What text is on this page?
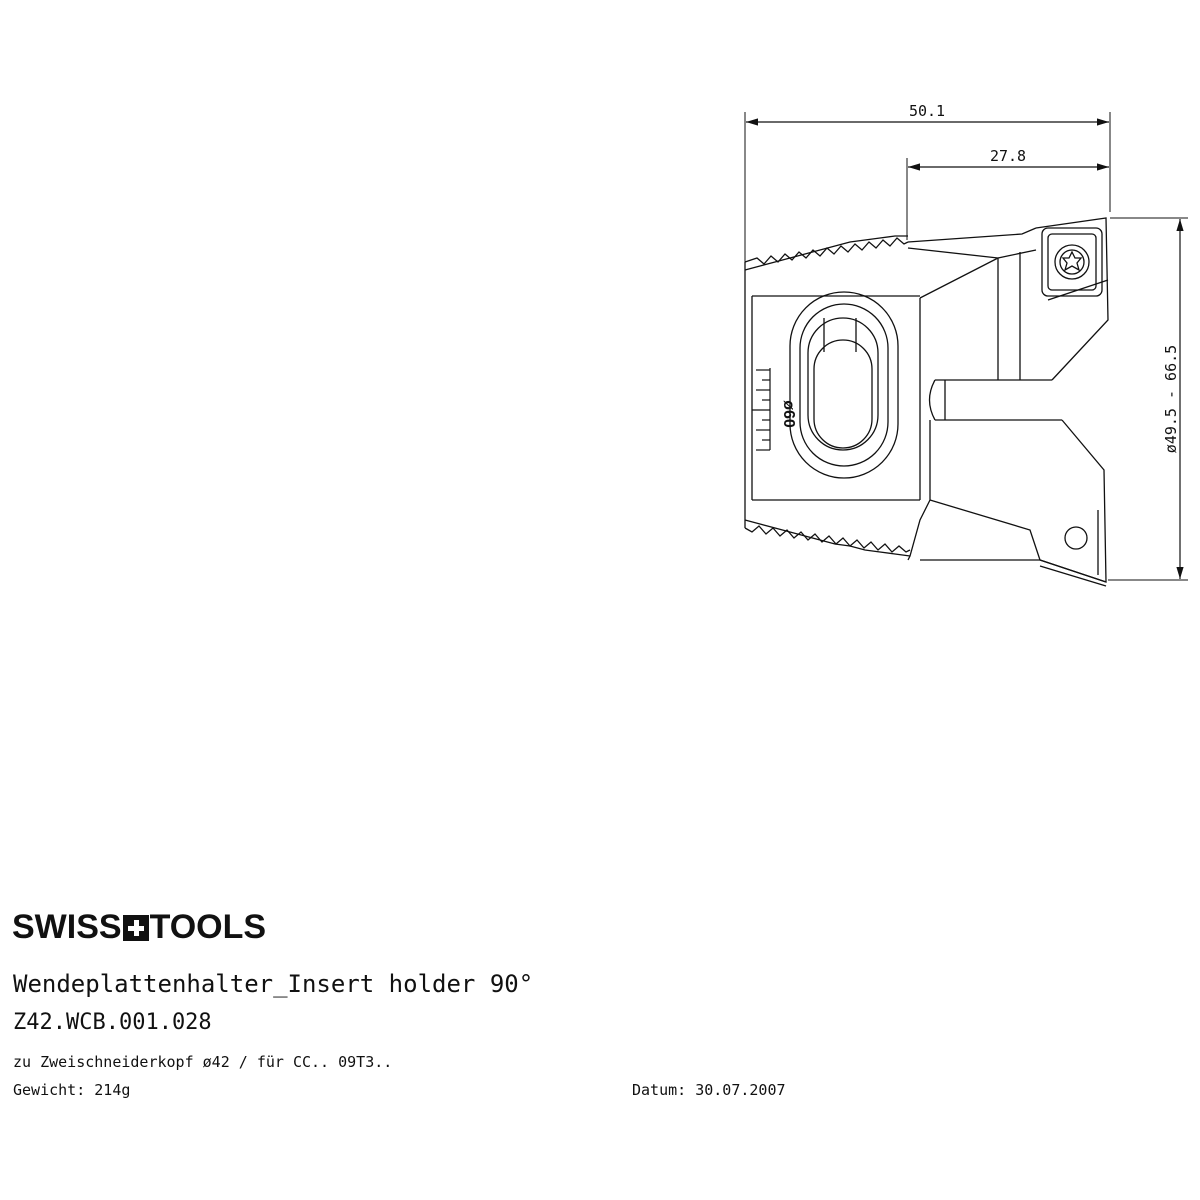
50.1
27.8
ø49.5 - 66.5
ø60
SWISS TOOLS
Wendeplattenhalter_Insert holder 90°
Z42.WCB.001.028
zu Zweischneiderkopf ø42 / für CC.. 09T3..
Gewicht: 214g	Datum: 30.07.2007
